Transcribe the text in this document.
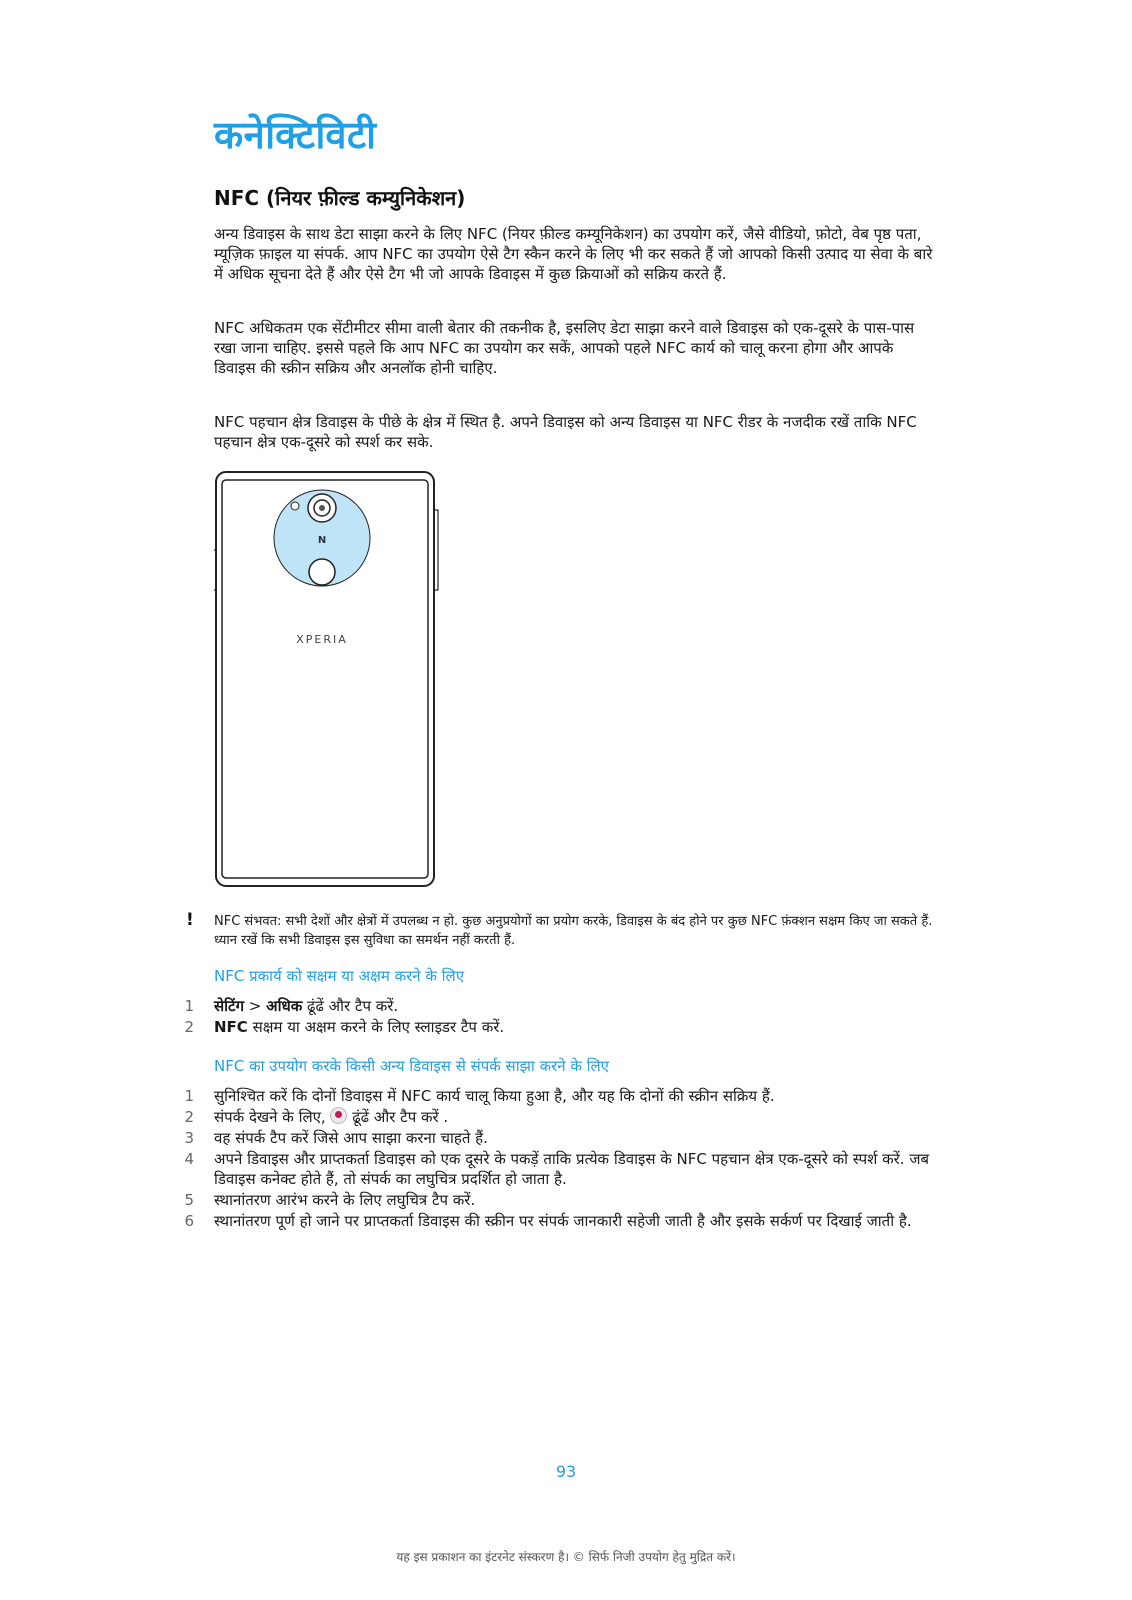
कनेक्टिविटी
NFC (नियर फ़ील्ड कम्युनिकेशन)

अन्य डिवाइस के साथ डेटा साझा करने के लिए NFC (नियर फ़ील्ड कम्यूनिकेशन) का उपयोग करें, जैसे वीडियो, फ़ोटो, वेब पृष्ठ पता, म्यूज़िक फ़ाइल या संपर्क. आप NFC का उपयोग ऐसे टैग स्कैन करने के लिए भी कर सकते हैं जो आपको किसी उत्पाद या सेवा के बारे में अधिक सूचना देते हैं और ऐसे टैग भी जो आपके डिवाइस में कुछ क्रियाओं को सक्रिय करते हैं.

NFC अधिकतम एक सेंटीमीटर सीमा वाली बेतार की तकनीक है, इसलिए डेटा साझा करने वाले डिवाइस को एक-दूसरे के पास-पास रखा जाना चाहिए. इससे पहले कि आप NFC का उपयोग कर सकें, आपको पहले NFC कार्य को चालू करना होगा और आपके डिवाइस की स्क्रीन सक्रिय और अनलॉक होनी चाहिए.

NFC पहचान क्षेत्र डिवाइस के पीछे के क्षेत्र में स्थित है. अपने डिवाइस को अन्य डिवाइस या NFC रीडर के नजदीक रखें ताकि NFC पहचान क्षेत्र एक-दूसरे को स्पर्श कर सके.

N
XPERIA
! NFC संभवत: सभी देशों और क्षेत्रों में उपलब्ध न हो. कुछ अनुप्रयोगों का प्रयोग करके, डिवाइस के बंद होने पर कुछ NFC फ़ंक्शन सक्षम किए जा सकते हैं. ध्यान रखें कि सभी डिवाइस इस सुविधा का समर्थन नहीं करती हैं.

NFC प्रकार्य को सक्षम या अक्षम करने के लिए

1 सेटिंग > अधिक ढूंढें और टैप करें.
2 NFC सक्षम या अक्षम करने के लिए स्लाइडर टैप करें.

NFC का उपयोग करके किसी अन्य डिवाइस से संपर्क साझा करने के लिए

1 सुनिश्चित करें कि दोनों डिवाइस में NFC कार्य चालू किया हुआ है, और यह कि दोनों की स्क्रीन सक्रिय हैं.
2 संपर्क देखने के लिए,  ढूंढें और टैप करें .
3 वह संपर्क टैप करें जिसे आप साझा करना चाहते हैं.
4 अपने डिवाइस और प्राप्तकर्ता डिवाइस को एक दूसरे के पकड़ें ताकि प्रत्येक डिवाइस के NFC पहचान क्षेत्र एक-दूसरे को स्पर्श करें. जब डिवाइस कनेक्ट होते हैं, तो संपर्क का लघुचित्र प्रदर्शित हो जाता है.
5 स्थानांतरण आरंभ करने के लिए लघुचित्र टैप करें.
6 स्थानांतरण पूर्ण हो जाने पर प्राप्तकर्ता डिवाइस की स्क्रीन पर संपर्क जानकारी सहेजी जाती है और इसके सर्कर्ण पर दिखाई जाती है.
93
यह इस प्रकाशन का इंटरनेट संस्करण है। © सिर्फ निजी उपयोग हेतु मुद्रित करें।
